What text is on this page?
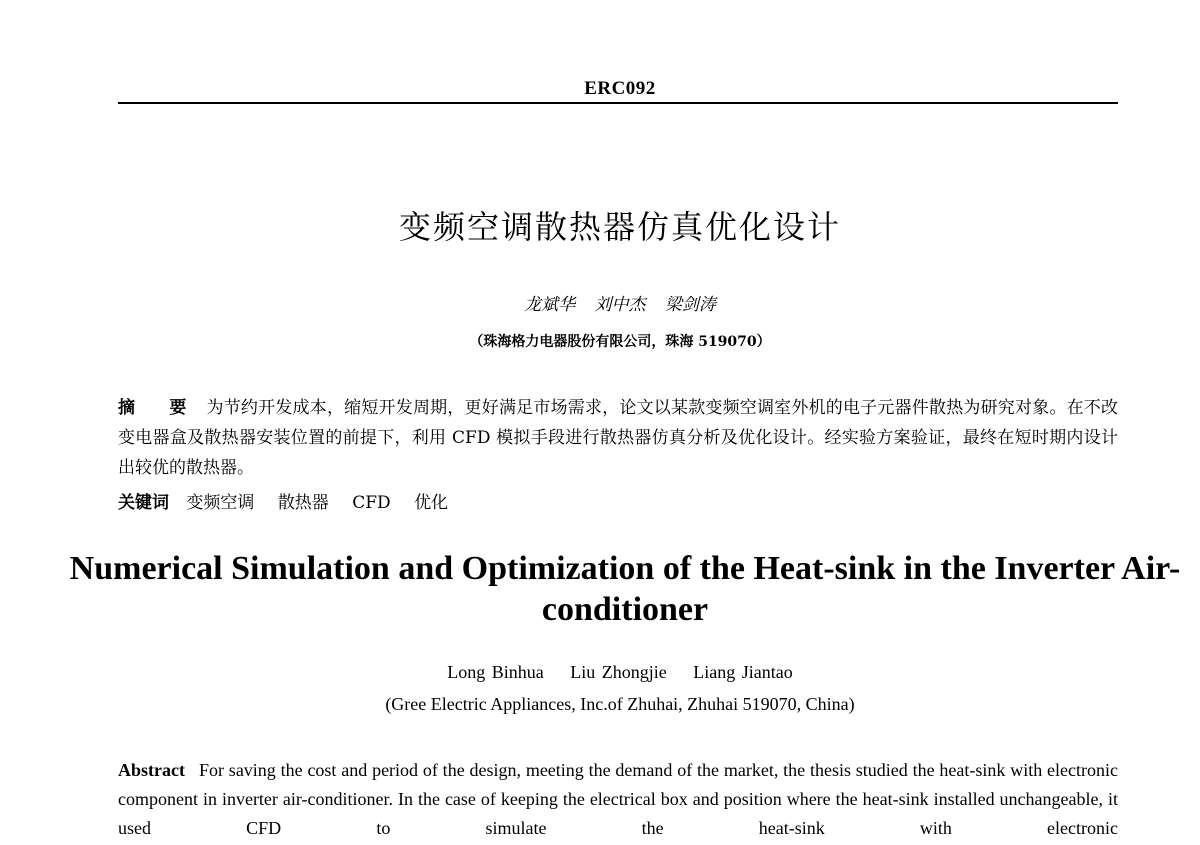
ERC092
变频空调散热器仿真优化设计
龙斌华 刘中杰 梁剑涛
（珠海格力电器股份有限公司，珠海 519070）
摘 要 为节约开发成本，缩短开发周期，更好满足市场需求，论文以某款变频空调室外机的电子元器件散热为研究对象。在不改变电器盒及散热器安装位置的前提下，利用 CFD 模拟手段进行散热器仿真分析及优化设计。经实验方案验证，最终在短时期内设计出较优的散热器。
关键词 变频空调 散热器 CFD 优化
Numerical Simulation and Optimization of the Heat-sink in the Inverter Air-conditioner
Long Binhua Liu Zhongjie Liang Jiantao
(Gree Electric Appliances, Inc.of Zhuhai, Zhuhai 519070, China)
Abstract For saving the cost and period of the design, meeting the demand of the market, the thesis studied the heat-sink with electronic component in inverter air-conditioner. In the case of keeping the electrical box and position where the heat-sink installed unchangeable, it used CFD to simulate the heat-sink with electronic
